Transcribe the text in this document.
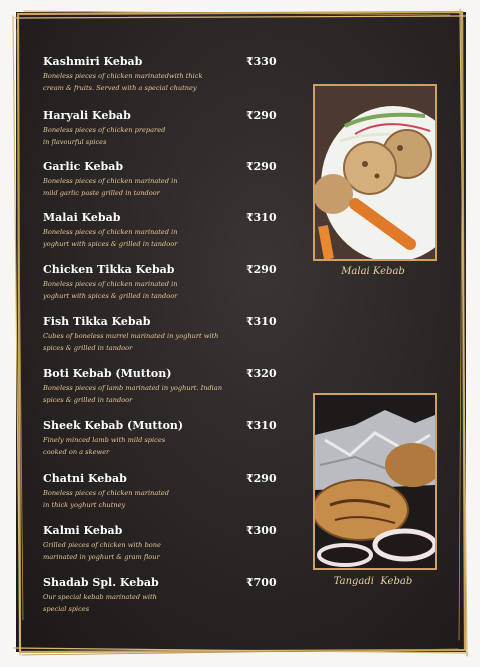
Kashmiri Kebab	₹330
Boneless pieces of chicken marinatedwith thick
cream & fruits. Served with a special chutney
Haryali Kebab	₹290
Boneless pieces of chicken prepared
in flavourful spices
Garlic Kebab	₹290
Boneless pieces of chicken marinated in
mild garlic paste grilled in tandoor
Malai Kebab	₹310
Boneless pieces of chicken marinated in
yoghurt with spices & grilled in tandoor
Chicken Tikka Kebab	₹290
Boneless pieces of chicken marinated in
yoghurt with spices & grilled in tandoor
Fish Tikka Kebab	₹310
Cubes of boneless murrel marinated in yoghurt with
spices & grilled in tandoor
Boti Kebab (Mutton)	₹320
Boneless pieces of lamb marinated in yoghurt. Indian
spices & grilled in tandoor
Sheek Kebab (Mutton)	₹310
Finely minced lamb with mild spices
cooked on a skewer
Chatni Kebab	₹290
Boneless pieces of chicken marinated
in thick yoghurt chutney
Kalmi Kebab	₹300
Grilled pieces of chicken with bone
marinated in yoghurt & gram flour
Shadab Spl. Kebab	₹700
Our special kebab marinated with
special spices
Malai Kebab
Tangadi  Kebab
